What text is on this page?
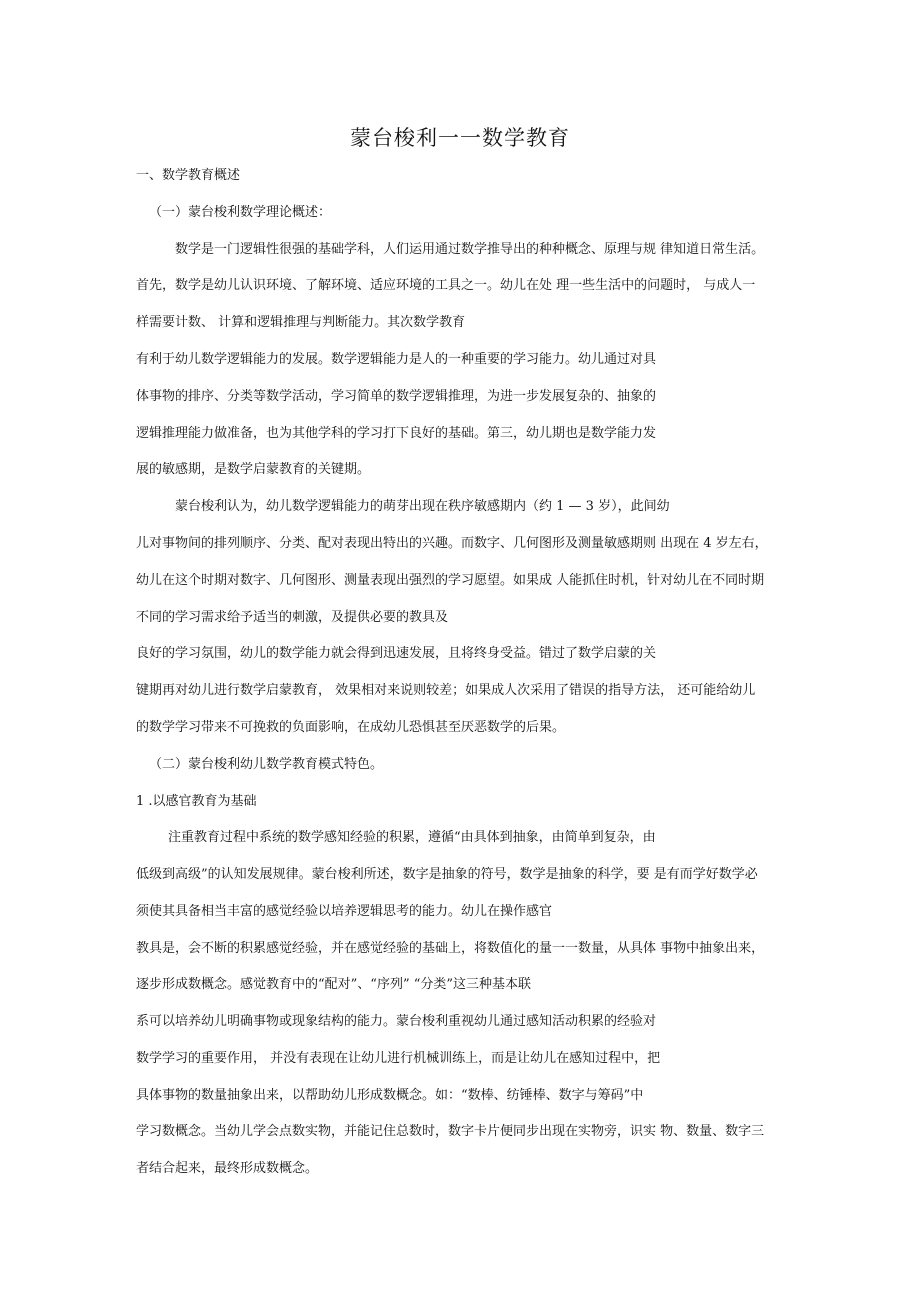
蒙台梭利一一数学教育
一、数学教育概述
（一）蒙台梭利数学理论概述：
数学是一门逻辑性很强的基础学科，人们运用通过数学推导出的种种概念、原理与规 律知道日常生活。
首先，数学是幼儿认识环境、了解环境、适应环境的工具之一。幼儿在处 理一些生活中的问题时， 与成人一
样需要计数、 计算和逻辑推理与判断能力。其次数学教育
有利于幼儿数学逻辑能力的发展。数学逻辑能力是人的一种重要的学习能力。幼儿通过对具
体事物的排序、分类等数学活动，学习简单的数学逻辑推理，为进一步发展复杂的、抽象的
逻辑推理能力做准备，也为其他学科的学习打下良好的基础。第三，幼儿期也是数学能力发
展的敏感期，是数学启蒙教育的关键期。
蒙台梭利认为，幼儿数学逻辑能力的萌芽出现在秩序敏感期内（约 1 — 3 岁），此间幼
儿对事物间的排列顺序、分类、配对表现出特出的兴趣。而数字、几何图形及测量敏感期则 出现在 4 岁左右，
幼儿在这个时期对数字、几何图形、测量表现出强烈的学习愿望。如果成 人能抓住时机，针对幼儿在不同时期
不同的学习需求给予适当的刺激，及提供必要的教具及
良好的学习氛围，幼儿的数学能力就会得到迅速发展，且将终身受益。错过了数学启蒙的关
键期再对幼儿进行数学启蒙教育， 效果相对来说则较差；如果成人次采用了错误的指导方法， 还可能给幼儿
的数学学习带来不可挽救的负面影响，在成幼儿恐惧甚至厌恶数学的后果。
（二）蒙台梭利幼儿数学教育模式特色。
1 .以感官教育为基础
注重教育过程中系统的数学感知经验的积累，遵循“由具体到抽象，由简单到复杂，由
低级到高级”的认知发展规律。蒙台梭利所述，数字是抽象的符号，数学是抽象的科学，要 是有而学好数学必
须使其具备相当丰富的感觉经验以培养逻辑思考的能力。幼儿在操作感官
教具是，会不断的积累感觉经验，并在感觉经验的基础上，将数值化的量一一数量，从具体 事物中抽象出来，
逐步形成数概念。感觉教育中的“配对”、“序列” “分类”这三种基本联
系可以培养幼儿明确事物或现象结构的能力。蒙台梭利重视幼儿通过感知活动积累的经验对
数学学习的重要作用， 并没有表现在让幼儿进行机械训练上，而是让幼儿在感知过程中，把
具体事物的数量抽象出来，以帮助幼儿形成数概念。如：“数棒、纺锤棒、数字与筹码”中
学习数概念。当幼儿学会点数实物，并能记住总数时，数字卡片便同步出现在实物旁，识实 物、数量、数字三
者结合起来，最终形成数概念。
